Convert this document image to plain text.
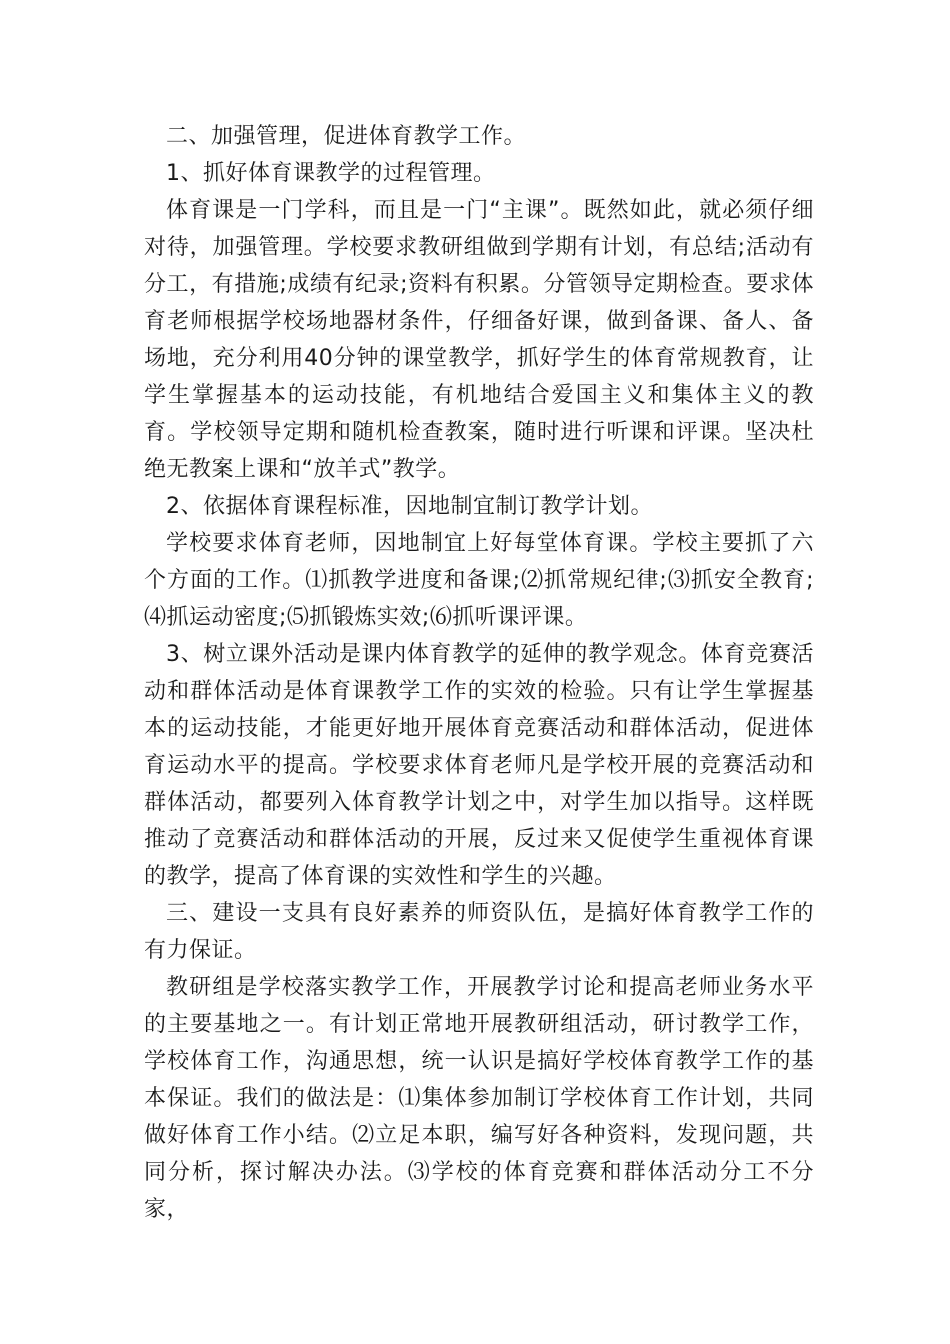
二、加强管理，促进体育教学工作。

1、抓好体育课教学的过程管理。

体育课是一门学科，而且是一门“主课”。既然如此，就必须仔细对待，加强管理。学校要求教研组做到学期有计划，有总结;活动有分工，有措施;成绩有纪录;资料有积累。分管领导定期检查。要求体育老师根据学校场地器材条件，仔细备好课，做到备课、备人、备场地，充分利用40分钟的课堂教学，抓好学生的体育常规教育，让学生掌握基本的运动技能，有机地结合爱国主义和集体主义的教育。学校领导定期和随机检查教案，随时进行听课和评课。坚决杜绝无教案上课和“放羊式”教学。

2、依据体育课程标准，因地制宜制订教学计划。

学校要求体育老师，因地制宜上好每堂体育课。学校主要抓了六个方面的工作。⑴抓教学进度和备课;⑵抓常规纪律;⑶抓安全教育;⑷抓运动密度;⑸抓锻炼实效;⑹抓听课评课。

3、树立课外活动是课内体育教学的延伸的教学观念。体育竞赛活动和群体活动是体育课教学工作的实效的检验。只有让学生掌握基本的运动技能，才能更好地开展体育竞赛活动和群体活动，促进体育运动水平的提高。学校要求体育老师凡是学校开展的竞赛活动和群体活动，都要列入体育教学计划之中，对学生加以指导。这样既推动了竞赛活动和群体活动的开展，反过来又促使学生重视体育课的教学，提高了体育课的实效性和学生的兴趣。

三、建设一支具有良好素养的师资队伍，是搞好体育教学工作的有力保证。

教研组是学校落实教学工作，开展教学讨论和提高老师业务水平的主要基地之一。有计划正常地开展教研组活动，研讨教学工作，学校体育工作，沟通思想，统一认识是搞好学校体育教学工作的基本保证。我们的做法是：⑴集体参加制订学校体育工作计划，共同做好体育工作小结。⑵立足本职，编写好各种资料，发现问题，共同分析，探讨解决办法。⑶学校的体育竞赛和群体活动分工不分家，
